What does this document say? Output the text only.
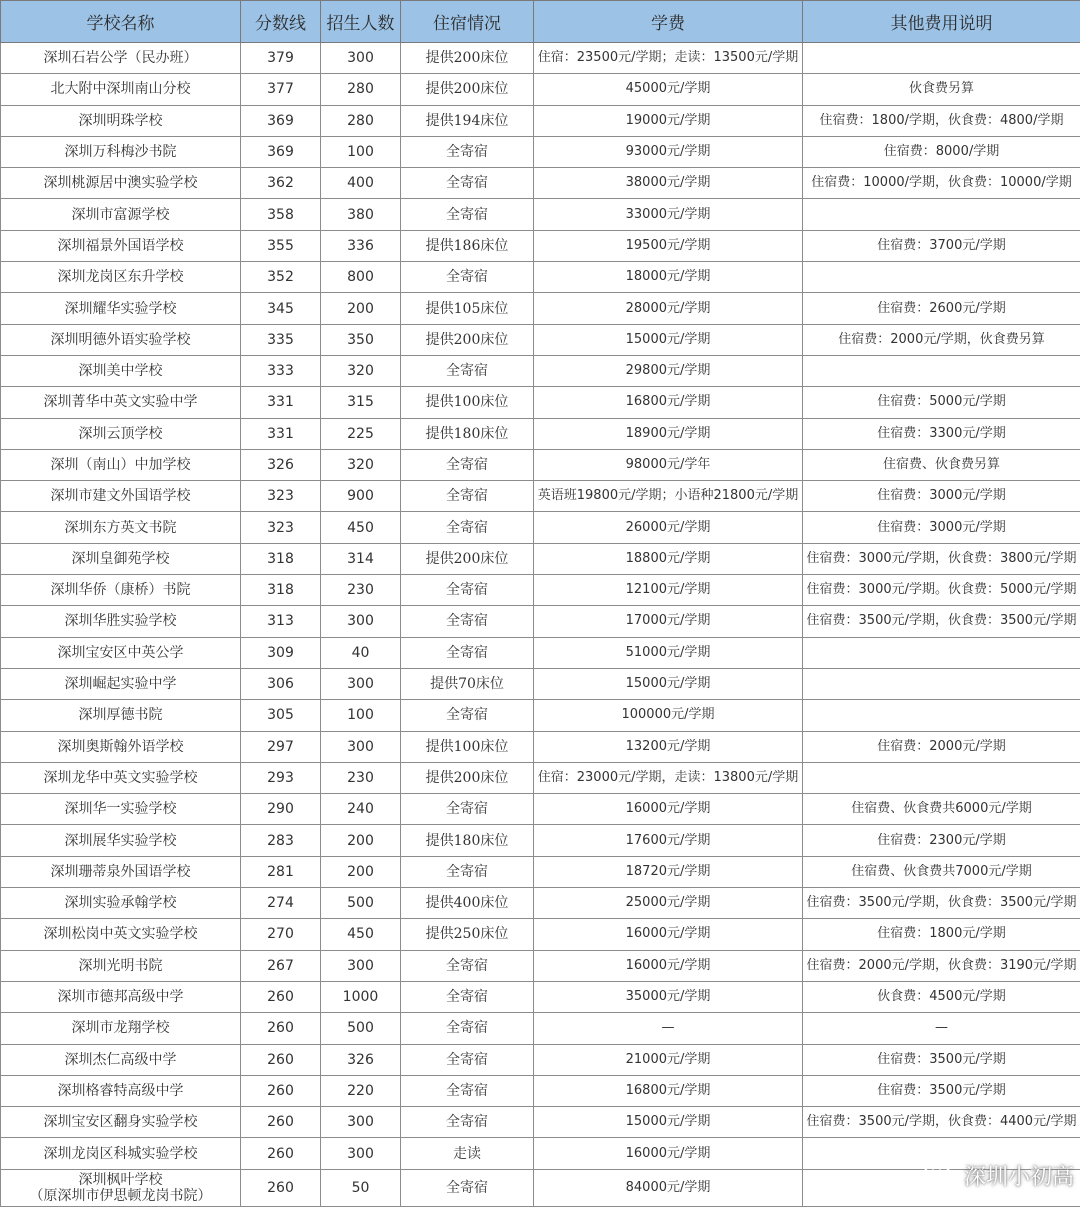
学校名称	分数线	招生人数	住宿情况	学费	其他费用说明
深圳石岩公学（民办班）	379	300	提供200床位	住宿：23500元/学期；走读：13500元/学期	
北大附中深圳南山分校	377	280	提供200床位	45000元/学期	伙食费另算
深圳明珠学校	369	280	提供194床位	19000元/学期	住宿费：1800/学期，伙食费：4800/学期
深圳万科梅沙书院	369	100	全寄宿	93000元/学期	住宿费：8000/学期
深圳桃源居中澳实验学校	362	400	全寄宿	38000元/学期	住宿费：10000/学期，伙食费：10000/学期
深圳市富源学校	358	380	全寄宿	33000元/学期	
深圳福景外国语学校	355	336	提供186床位	19500元/学期	住宿费：3700元/学期
深圳龙岗区东升学校	352	800	全寄宿	18000元/学期	
深圳耀华实验学校	345	200	提供105床位	28000元/学期	住宿费：2600元/学期
深圳明德外语实验学校	335	350	提供200床位	15000元/学期	住宿费：2000元/学期，伙食费另算
深圳美中学校	333	320	全寄宿	29800元/学期	
深圳菁华中英文实验中学	331	315	提供100床位	16800元/学期	住宿费：5000元/学期
深圳云顶学校	331	225	提供180床位	18900元/学期	住宿费：3300元/学期
深圳（南山）中加学校	326	320	全寄宿	98000元/学年	住宿费、伙食费另算
深圳市建文外国语学校	323	900	全寄宿	英语班19800元/学期；小语种21800元/学期	住宿费：3000元/学期
深圳东方英文书院	323	450	全寄宿	26000元/学期	住宿费：3000元/学期
深圳皇御苑学校	318	314	提供200床位	18800元/学期	住宿费：3000元/学期，伙食费：3800元/学期
深圳华侨（康桥）书院	318	230	全寄宿	12100元/学期	住宿费：3000元/学期。伙食费：5000元/学期
深圳华胜实验学校	313	300	全寄宿	17000元/学期	住宿费：3500元/学期，伙食费：3500元/学期
深圳宝安区中英公学	309	40	全寄宿	51000元/学期	
深圳崛起实验中学	306	300	提供70床位	15000元/学期	
深圳厚德书院	305	100	全寄宿	100000元/学期	
深圳奥斯翰外语学校	297	300	提供100床位	13200元/学期	住宿费：2000元/学期
深圳龙华中英文实验学校	293	230	提供200床位	住宿：23000元/学期，走读：13800元/学期	
深圳华一实验学校	290	240	全寄宿	16000元/学期	住宿费、伙食费共6000元/学期
深圳展华实验学校	283	200	提供180床位	17600元/学期	住宿费：2300元/学期
深圳珊蒂泉外国语学校	281	200	全寄宿	18720元/学期	住宿费、伙食费共7000元/学期
深圳实验承翰学校	274	500	提供400床位	25000元/学期	住宿费：3500元/学期，伙食费：3500元/学期
深圳松岗中英文实验学校	270	450	提供250床位	16000元/学期	住宿费：1800元/学期
深圳光明书院	267	300	全寄宿	16000元/学期	住宿费：2000元/学期，伙食费：3190元/学期
深圳市德邦高级中学	260	1000	全寄宿	35000元/学期	伙食费：4500元/学期
深圳市龙翔学校	260	500	全寄宿	—	—
深圳杰仁高级中学	260	326	全寄宿	21000元/学期	住宿费：3500元/学期
深圳格睿特高级中学	260	220	全寄宿	16800元/学期	住宿费：3500元/学期
深圳宝安区翻身实验学校	260	300	全寄宿	15000元/学期	住宿费：3500元/学期，伙食费：4400元/学期
深圳龙岗区科城实验学校	260	300	走读	16000元/学期	

深圳枫叶学校
（原深圳市伊思顿龙岗书院）	260	50	全寄宿	84000元/学期		深圳小初高
